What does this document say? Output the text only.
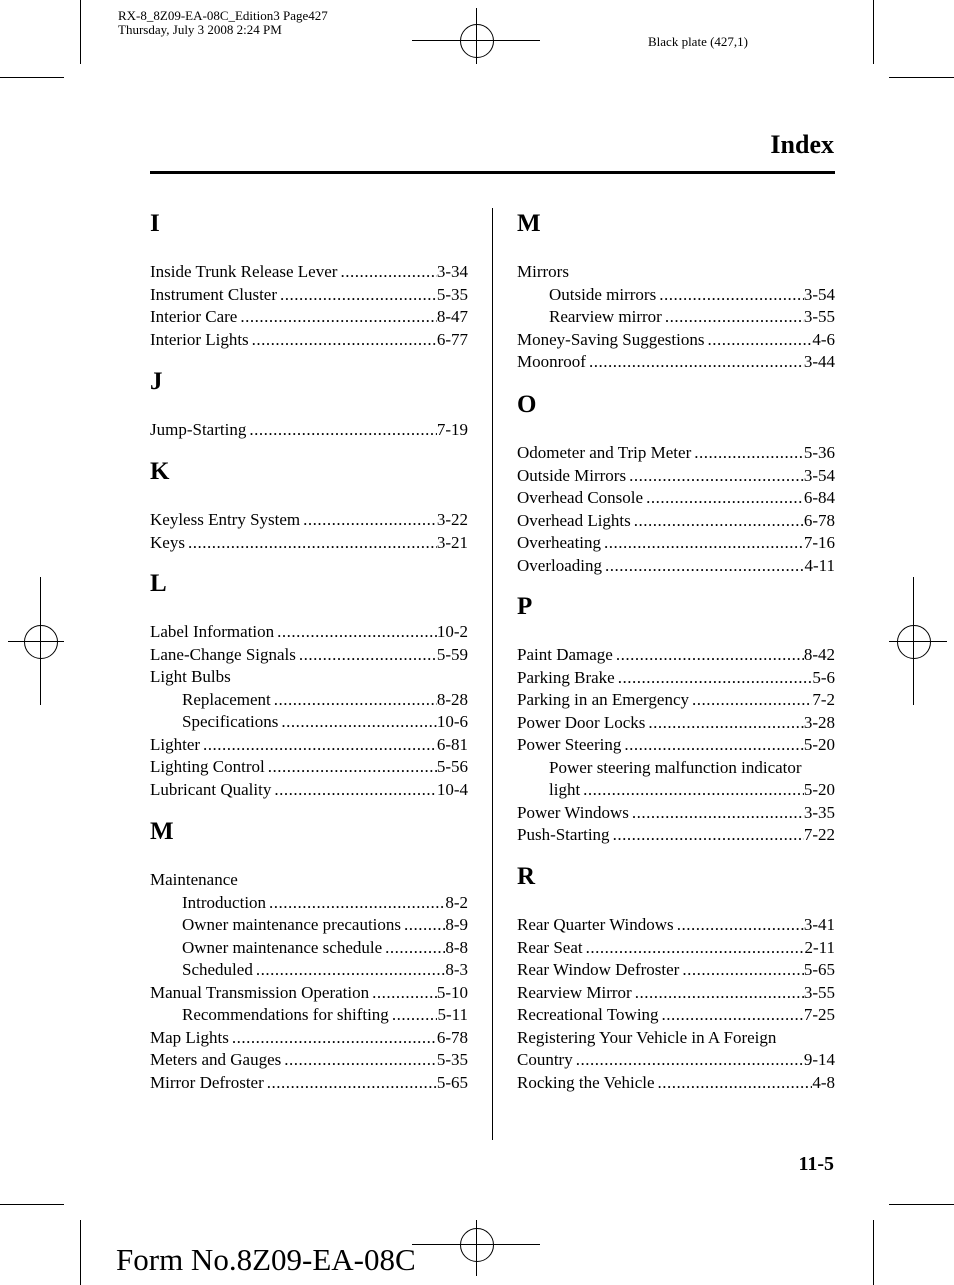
RX-8_8Z09-EA-08C_Edition3 Page427
Thursday, July 3 2008 2:24 PM
Black plate (427,1)
Index
I
Inside Trunk Release Lever .....	3-34
Instrument Cluster .....	5-35
Interior Care .....	8-47
Interior Lights .....	6-77
J
Jump-Starting .....	7-19
K
Keyless Entry System .....	3-22
Keys .....	3-21
L
Label Information .....	10-2
Lane-Change Signals .....	5-59
Light Bulbs
Replacement .....	8-28
Specifications .....	10-6
Lighter .....	6-81
Lighting Control .....	5-56
Lubricant Quality .....	10-4
M
Maintenance
Introduction .....	8-2
Owner maintenance precautions .....	8-9
Owner maintenance schedule .....	8-8
Scheduled .....	8-3
Manual Transmission Operation .....	5-10
Recommendations for shifting .....	5-11
Map Lights .....	6-78
Meters and Gauges .....	5-35
Mirror Defroster .....	5-65
M
Mirrors
Outside mirrors .....	3-54
Rearview mirror .....	3-55
Money-Saving Suggestions .....	4-6
Moonroof .....	3-44
O
Odometer and Trip Meter .....	5-36
Outside Mirrors .....	3-54
Overhead Console .....	6-84
Overhead Lights .....	6-78
Overheating .....	7-16
Overloading .....	4-11
P
Paint Damage .....	8-42
Parking Brake .....	5-6
Parking in an Emergency .....	7-2
Power Door Locks .....	3-28
Power Steering .....	5-20
Power steering malfunction indicator
light .....	5-20
Power Windows .....	3-35
Push-Starting .....	7-22
R
Rear Quarter Windows .....	3-41
Rear Seat .....	2-11
Rear Window Defroster .....	5-65
Rearview Mirror .....	3-55
Recreational Towing .....	7-25
Registering Your Vehicle in A Foreign
Country .....	9-14
Rocking the Vehicle .....	4-8
11-5
Form No.8Z09-EA-08C
